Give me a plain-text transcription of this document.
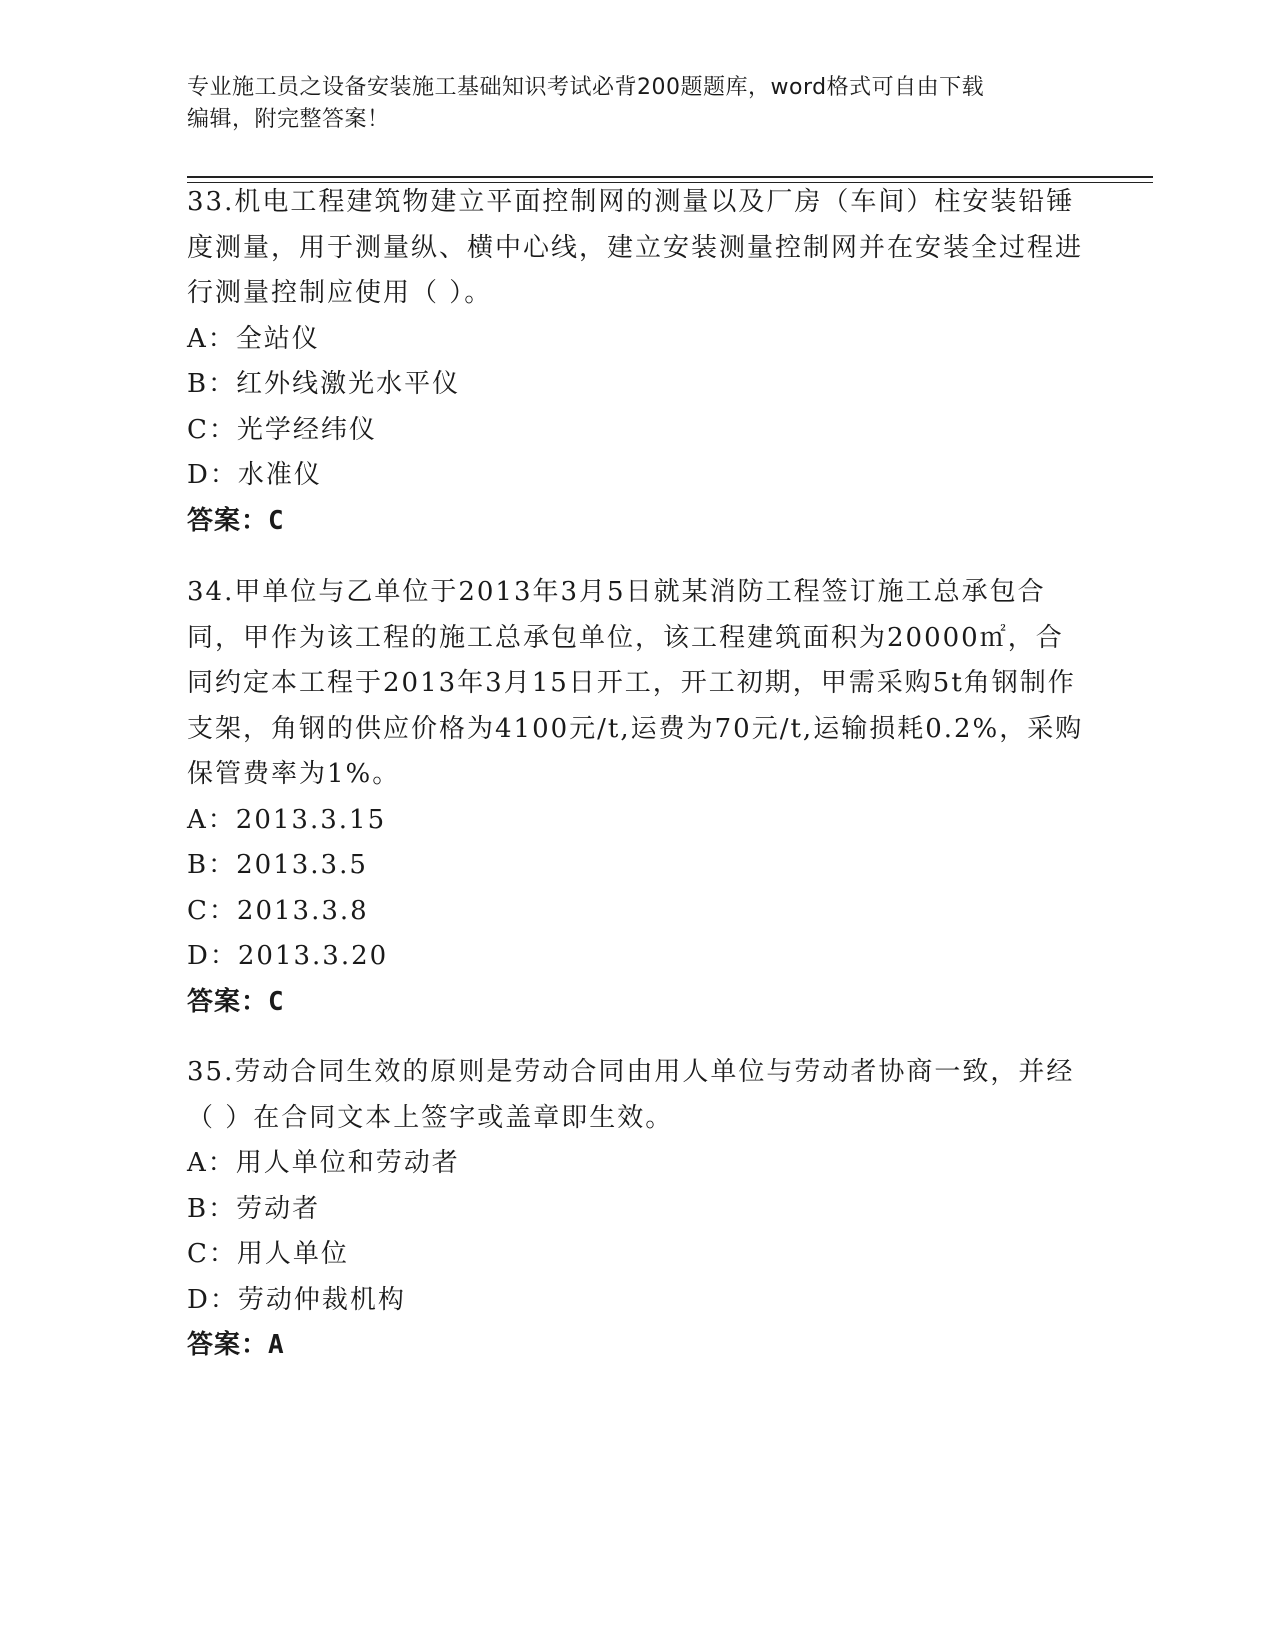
专业施工员之设备安装施工基础知识考试必背200题题库，word格式可自由下载
编辑，附完整答案！

33.机电工程建筑物建立平面控制网的测量以及厂房（车间）柱安装铅锤度测量，用于测量纵、横中心线，建立安装测量控制网并在安装全过程进行测量控制应使用（ ）。

A：全站仪

B：红外线激光水平仪

C：光学经纬仪

D：水准仪

答案：C

34.甲单位与乙单位于2013年3月5日就某消防工程签订施工总承包合同，甲作为该工程的施工总承包单位，该工程建筑面积为20000㎡，合同约定本工程于2013年3月15日开工，开工初期，甲需采购5t角钢制作支架，角钢的供应价格为4100元/t,运费为70元/t,运输损耗0.2%，采购保管费率为1%。

A：2013.3.15

B：2013.3.5

C：2013.3.8

D：2013.3.20

答案：C

35.劳动合同生效的原则是劳动合同由用人单位与劳动者协商一致，并经（ ）在合同文本上签字或盖章即生效。

A：用人单位和劳动者

B：劳动者

C：用人单位

D：劳动仲裁机构

答案：A
